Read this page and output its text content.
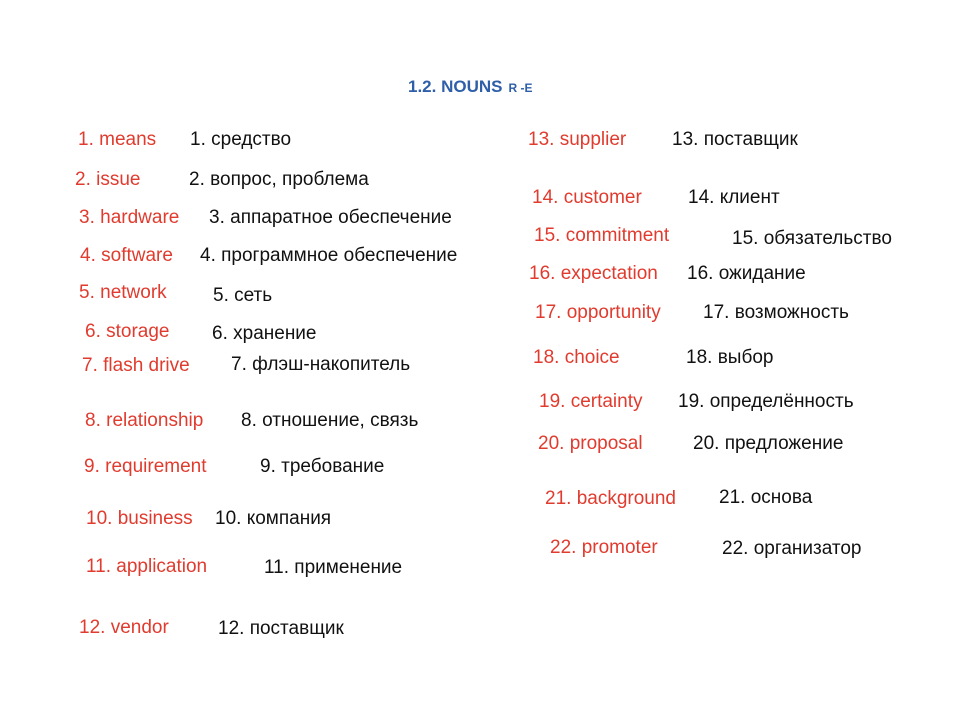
1.2. NOUNS R -E
1. means 1. средство
2. issue	2. вопрос, проблема
3. hardware 3. аппаратное обеспечение
4. software 4. программное обеспечение
5. network 5. сеть
6. storage 6. хранение
7. flash drive 7. флэш-накопитель
8. relationship 8. отношение, связь
9. requirement	9. требование
10. business 10. компания
11. application	11. применение
12. vendor	12. поставщик
13. supplier 13. поставщик
14. customer 14. клиент
15. commitment	15. обязательство
16. expectation 16. ожидание
17. opportunity 17. возможность
18. choice	18. выбор
19. certainty 19. определённость
20. proposal	20. предложение
21. background 21. основа
22. promoter	22. организатор
